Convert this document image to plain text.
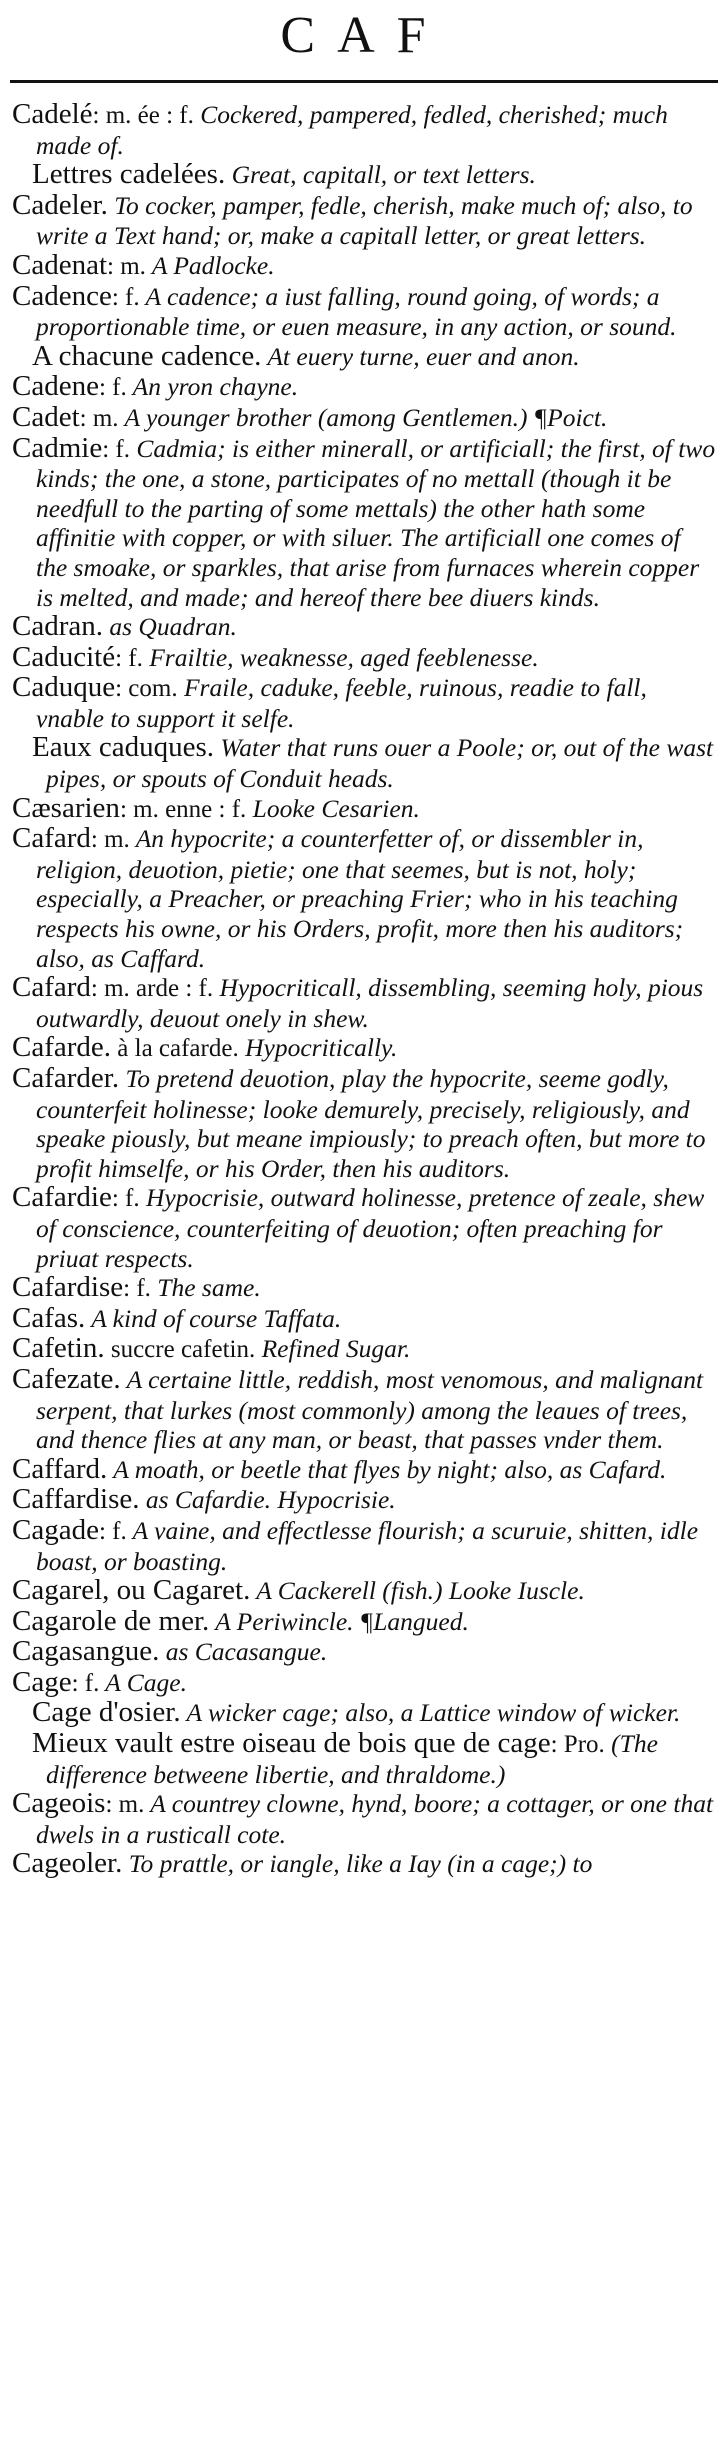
CAF

Cadelé: m. ée : f. Cockered, pampered, fedled, cherished; much made of.

Lettres cadelées. Great, capitall, or text letters.

Cadeler. To cocker, pamper, fedle, cherish, make much of; also, to write a Text hand; or, make a capitall letter, or great letters.

Cadenat: m. A Padlocke.

Cadence: f. A cadence; a iust falling, round going, of words; a proportionable time, or euen measure, in any action, or sound.

A chacune cadence. At euery turne, euer and anon.

Cadene: f. An yron chayne.

Cadet: m. A younger brother (among Gentlemen.) ¶Poict.

Cadmie: f. Cadmia; is either minerall, or artificiall; the first, of two kinds; the one, a stone, participates of no mettall (though it be needfull to the parting of some mettals) the other hath some affinitie with copper, or with siluer. The artificiall one comes of the smoake, or sparkles, that arise from furnaces wherein copper is melted, and made; and hereof there bee diuers kinds.

Cadran. as Quadran.

Caducité: f. Frailtie, weaknesse, aged feeblenesse.

Caduque: com. Fraile, caduke, feeble, ruinous, readie to fall, vnable to support it selfe.

Eaux caduques. Water that runs ouer a Poole; or, out of the wast pipes, or spouts of Conduit heads.

Cæsarien: m. enne : f. Looke Cesarien.

Cafard: m. An hypocrite; a counterfetter of, or dissembler in, religion, deuotion, pietie; one that seemes, but is not, holy; especially, a Preacher, or preaching Frier; who in his teaching respects his owne, or his Orders, profit, more then his auditors; also, as Caffard.

Cafard: m. arde : f. Hypocriticall, dissembling, seeming holy, pious outwardly, deuout onely in shew.

Cafarde. à la cafarde. Hypocritically.

Cafarder. To pretend deuotion, play the hypocrite, seeme godly, counterfeit holinesse; looke demurely, precisely, religiously, and speake piously, but meane impiously; to preach often, but more to profit himselfe, or his Order, then his auditors.

Cafardie: f. Hypocrisie, outward holinesse, pretence of zeale, shew of conscience, counterfeiting of deuotion; often preaching for priuat respects.

Cafardise: f. The same.

Cafas. A kind of course Taffata.

Cafetin. succre cafetin. Refined Sugar.

Cafezate. A certaine little, reddish, most venomous, and malignant serpent, that lurkes (most commonly) among the leaues of trees, and thence flies at any man, or beast, that passes vnder them.

Caffard. A moath, or beetle that flyes by night; also, as Cafard.

Caffardise. as Cafardie. Hypocrisie.

Cagade: f. A vaine, and effectlesse flourish; a scuruie, shitten, idle boast, or boasting.

Cagarel, ou Cagaret. A Cackerell (fish.) Looke Iuscle.

Cagarole de mer. A Periwincle. ¶Langued.

Cagasangue. as Cacasangue.

Cage: f. A Cage.

Cage d'osier. A wicker cage; also, a Lattice window of wicker.

Mieux vault estre oiseau de bois que de cage: Pro. (The difference betweene libertie, and thraldome.)

Cageois: m. A countrey clowne, hynd, boore; a cottager, or one that dwels in a rusticall cote.

Cageoler. To prattle, or iangle, like a Iay (in a cage;) to
